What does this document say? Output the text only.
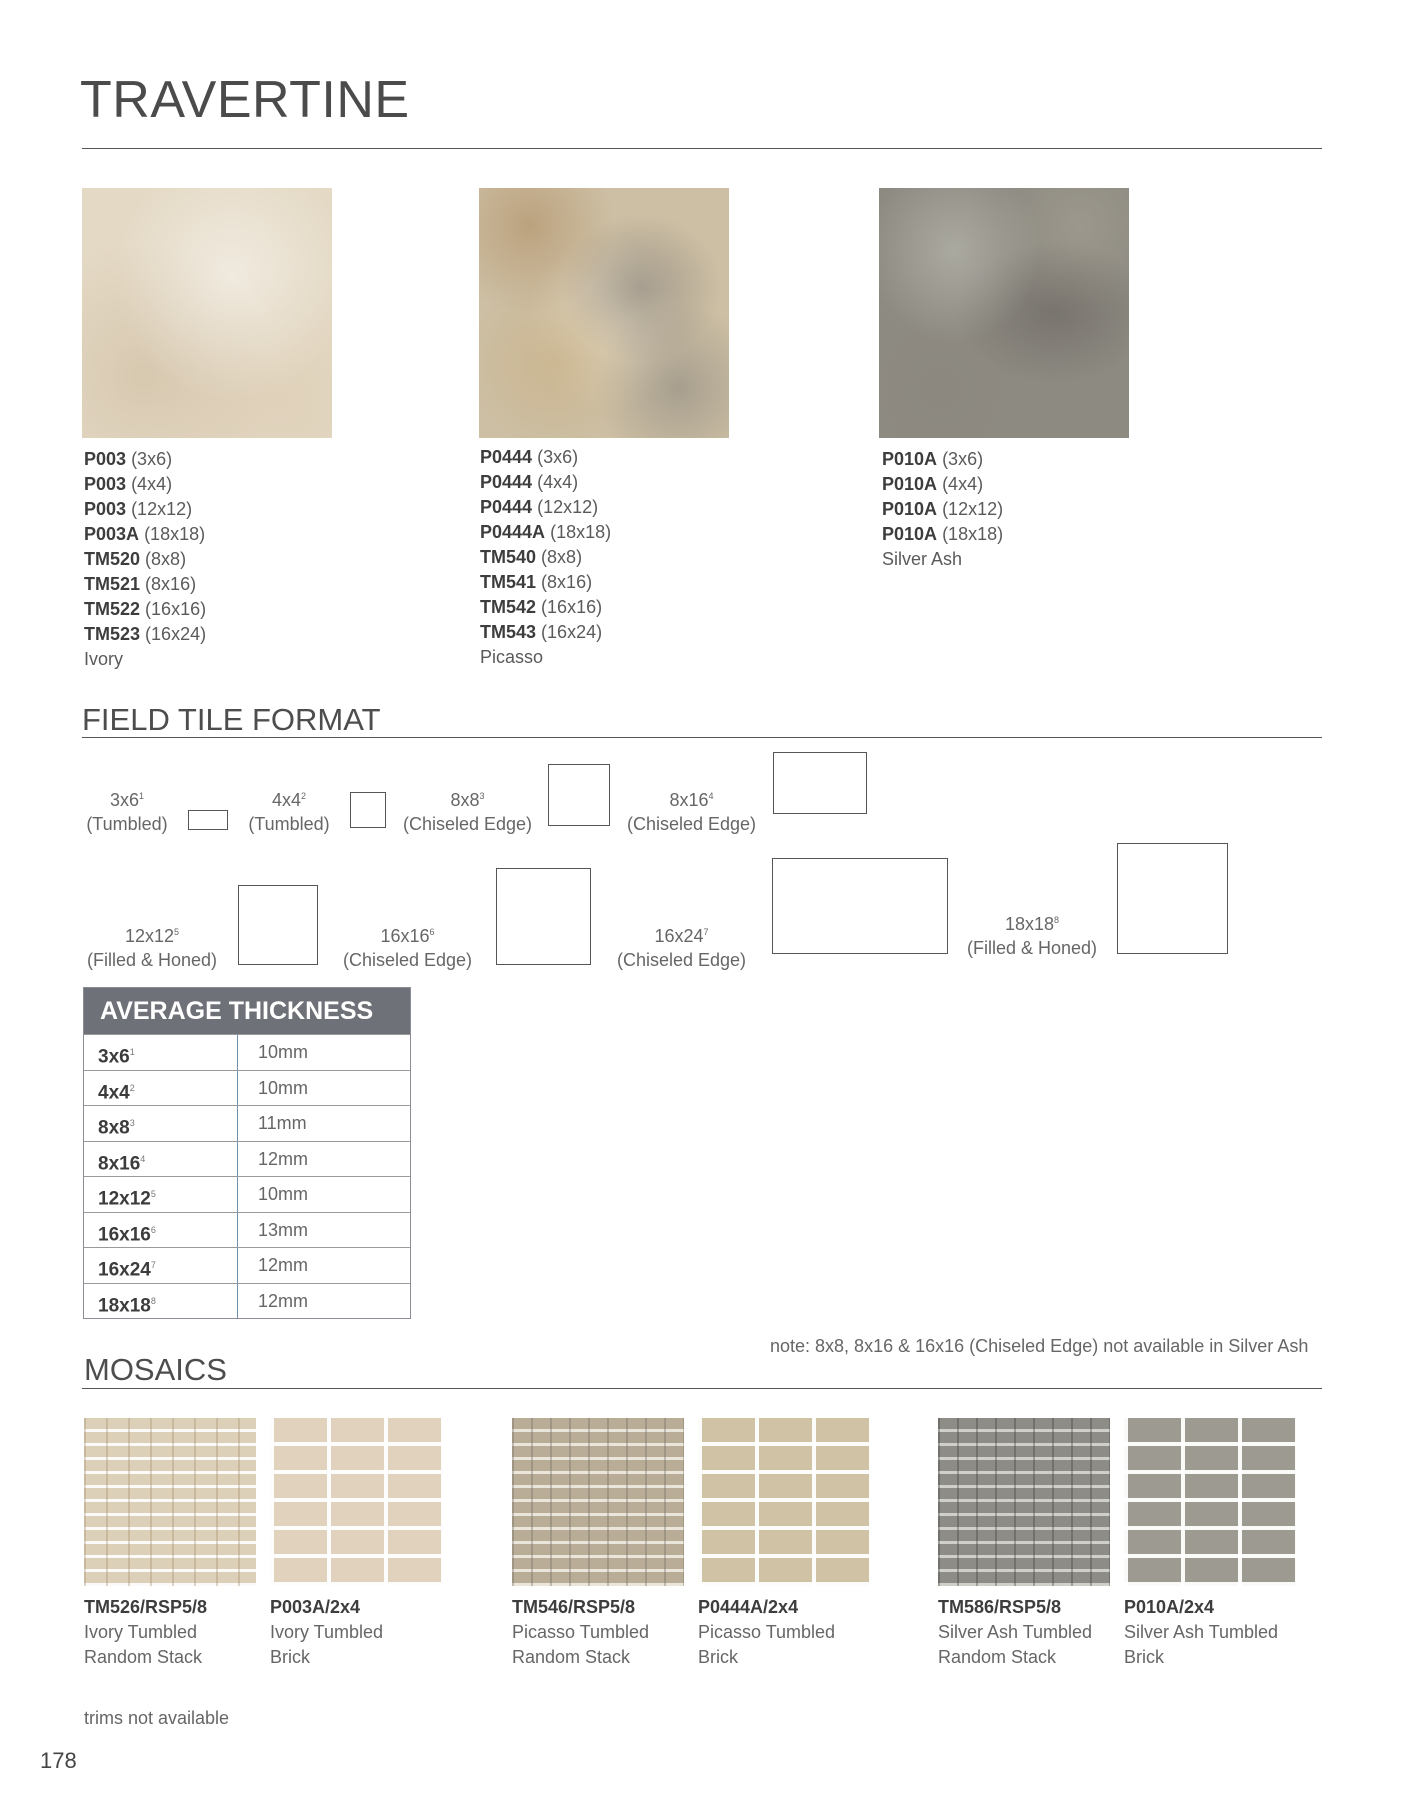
TRAVERTINE
P003 (3x6)
P003 (4x4)
P003 (12x12)
P003A (18x18)
TM520 (8x8)
TM521 (8x16)
TM522 (16x16)
TM523 (16x24)
Ivory
P0444 (3x6)
P0444 (4x4)
P0444 (12x12)
P0444A (18x18)
TM540 (8x8)
TM541 (8x16)
TM542 (16x16)
TM543 (16x24)
Picasso
P010A (3x6)
P010A (4x4)
P010A (12x12)
P010A (18x18)
Silver Ash
FIELD TILE FORMAT
$3x6^1$
(Tumbled)
$4x4^2$
(Tumbled)
$8x8^3$
(Chiseled Edge)
$8x16^4$
(Chiseled Edge)
$12x12^5$
(Filled & Honed)
$16x16^6$
(Chiseled Edge)
$16x24^7$
(Chiseled Edge)
$18x18^8$
(Filled & Honed)
AVERAGE THICKNESS
$3x6^1$	10mm
$4x4^2$	10mm
$8x8^3$	11mm
$8x16^4$	12mm
$12x12^5$	10mm
$16x16^6$	13mm
$16x24^7$	12mm
$18x18^8$	12mm
note: 8x8, 8x16 & 16x16 (Chiseled Edge) not available in Silver Ash
MOSAICS
TM526/RSP5/8
Ivory Tumbled
Random Stack
P003A/2x4
Ivory Tumbled
Brick
TM546/RSP5/8
Picasso Tumbled
Random Stack
P0444A/2x4
Picasso Tumbled
Brick
TM586/RSP5/8
Silver Ash Tumbled
Random Stack
P010A/2x4
Silver Ash Tumbled
Brick
trims not available
178
